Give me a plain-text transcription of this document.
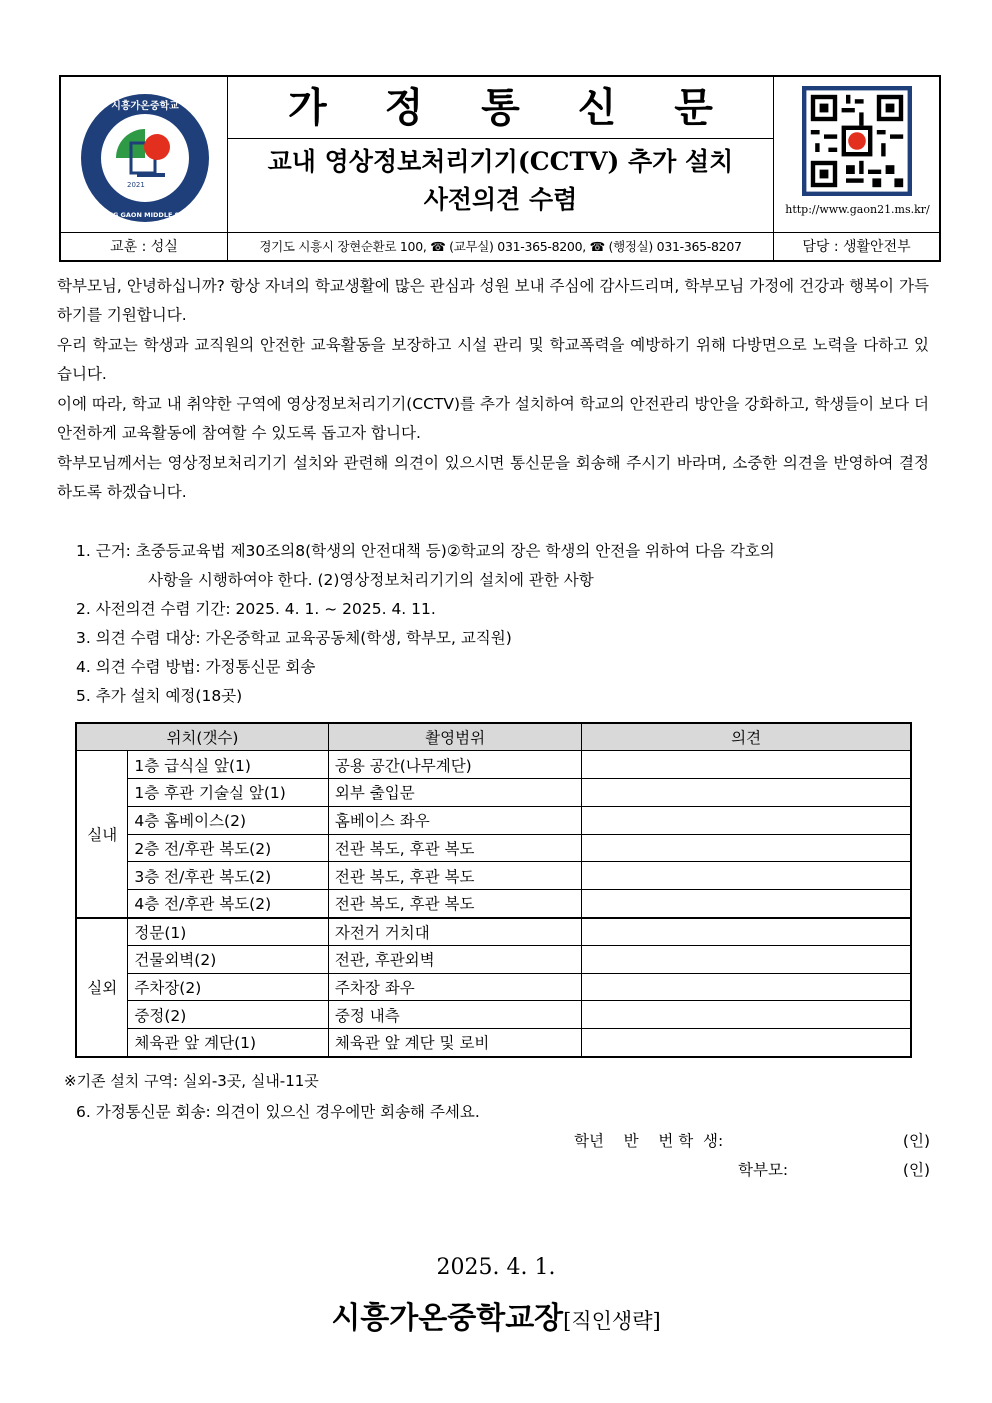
2021
시흥가온중학교
SIHEUNG GAON MIDDLE SCHOOL
가 정 통 신 문
교내 영상정보처리기기(CCTV) 추가 설치
사전의견 수렴	http://www.gaon21.ms.kr/
교훈 : 성실	경기도 시흥시 장현순환로 100, ☎ (교무실) 031-365-8200, ☎ (행정실) 031-365-8207	담당 : 생활안전부
학부모님, 안녕하십니까? 항상 자녀의 학교생활에 많은 관심과 성원 보내 주심에 감사드리며, 학부모님 가정에 건강과 행복이 가득하기를 기원합니다.
우리 학교는 학생과 교직원의 안전한 교육활동을 보장하고 시설 관리 및 학교폭력을 예방하기 위해 다방면으로 노력을 다하고 있습니다.
이에 따라, 학교 내 취약한 구역에 영상정보처리기기(CCTV)를 추가 설치하여 학교의 안전관리 방안을 강화하고, 학생들이 보다 더 안전하게 교육활동에 참여할 수 있도록 돕고자 합니다.
학부모님께서는 영상정보처리기기 설치와 관련해 의견이 있으시면 통신문을 회송해 주시기 바라며, 소중한 의견을 반영하여 결정하도록 하겠습니다.
1. 근거: 초중등교육법 제30조의8(학생의 안전대책 등)②학교의 장은 학생의 안전을 위하여 다음 각호의
사항을 시행하여야 한다. (2)영상정보처리기기의 설치에 관한 사항
2. 사전의견 수렴 기간: 2025. 4. 1. ~ 2025. 4. 11.
3. 의견 수렴 대상: 가온중학교 교육공동체(학생, 학부모, 교직원)
4. 의견 수렴 방법: 가정통신문 회송
5. 추가 설치 예정(18곳)
위치(갯수)		촬영범위	의견
실내	1층 급식실 앞(1)	공용 공간(나무계단)	
	1층 후관 기술실 앞(1)	외부 출입문	
	4층 홈베이스(2)	홈베이스 좌우	
	2층 전/후관 복도(2)	전관 복도, 후관 복도	
	3층 전/후관 복도(2)	전관 복도, 후관 복도	
	4층 전/후관 복도(2)	전관 복도, 후관 복도	
실외	정문(1)	자전거 거치대	
	건물외벽(2)	전관, 후관외벽	
	주차장(2)	주차장 좌우	
	중정(2)	중정 내측	
	체육관 앞 계단(1)	체육관 앞 계단 및 로비	
※기존 설치 구역: 실외-3곳, 실내-11곳
6. 가정통신문 회송: 의견이 있으신 경우에만 회송해 주세요.
학년    반    번 학  생:	(인)
학부모:	(인)
2025. 4. 1.
시흥가온중학교장[직인생략]
